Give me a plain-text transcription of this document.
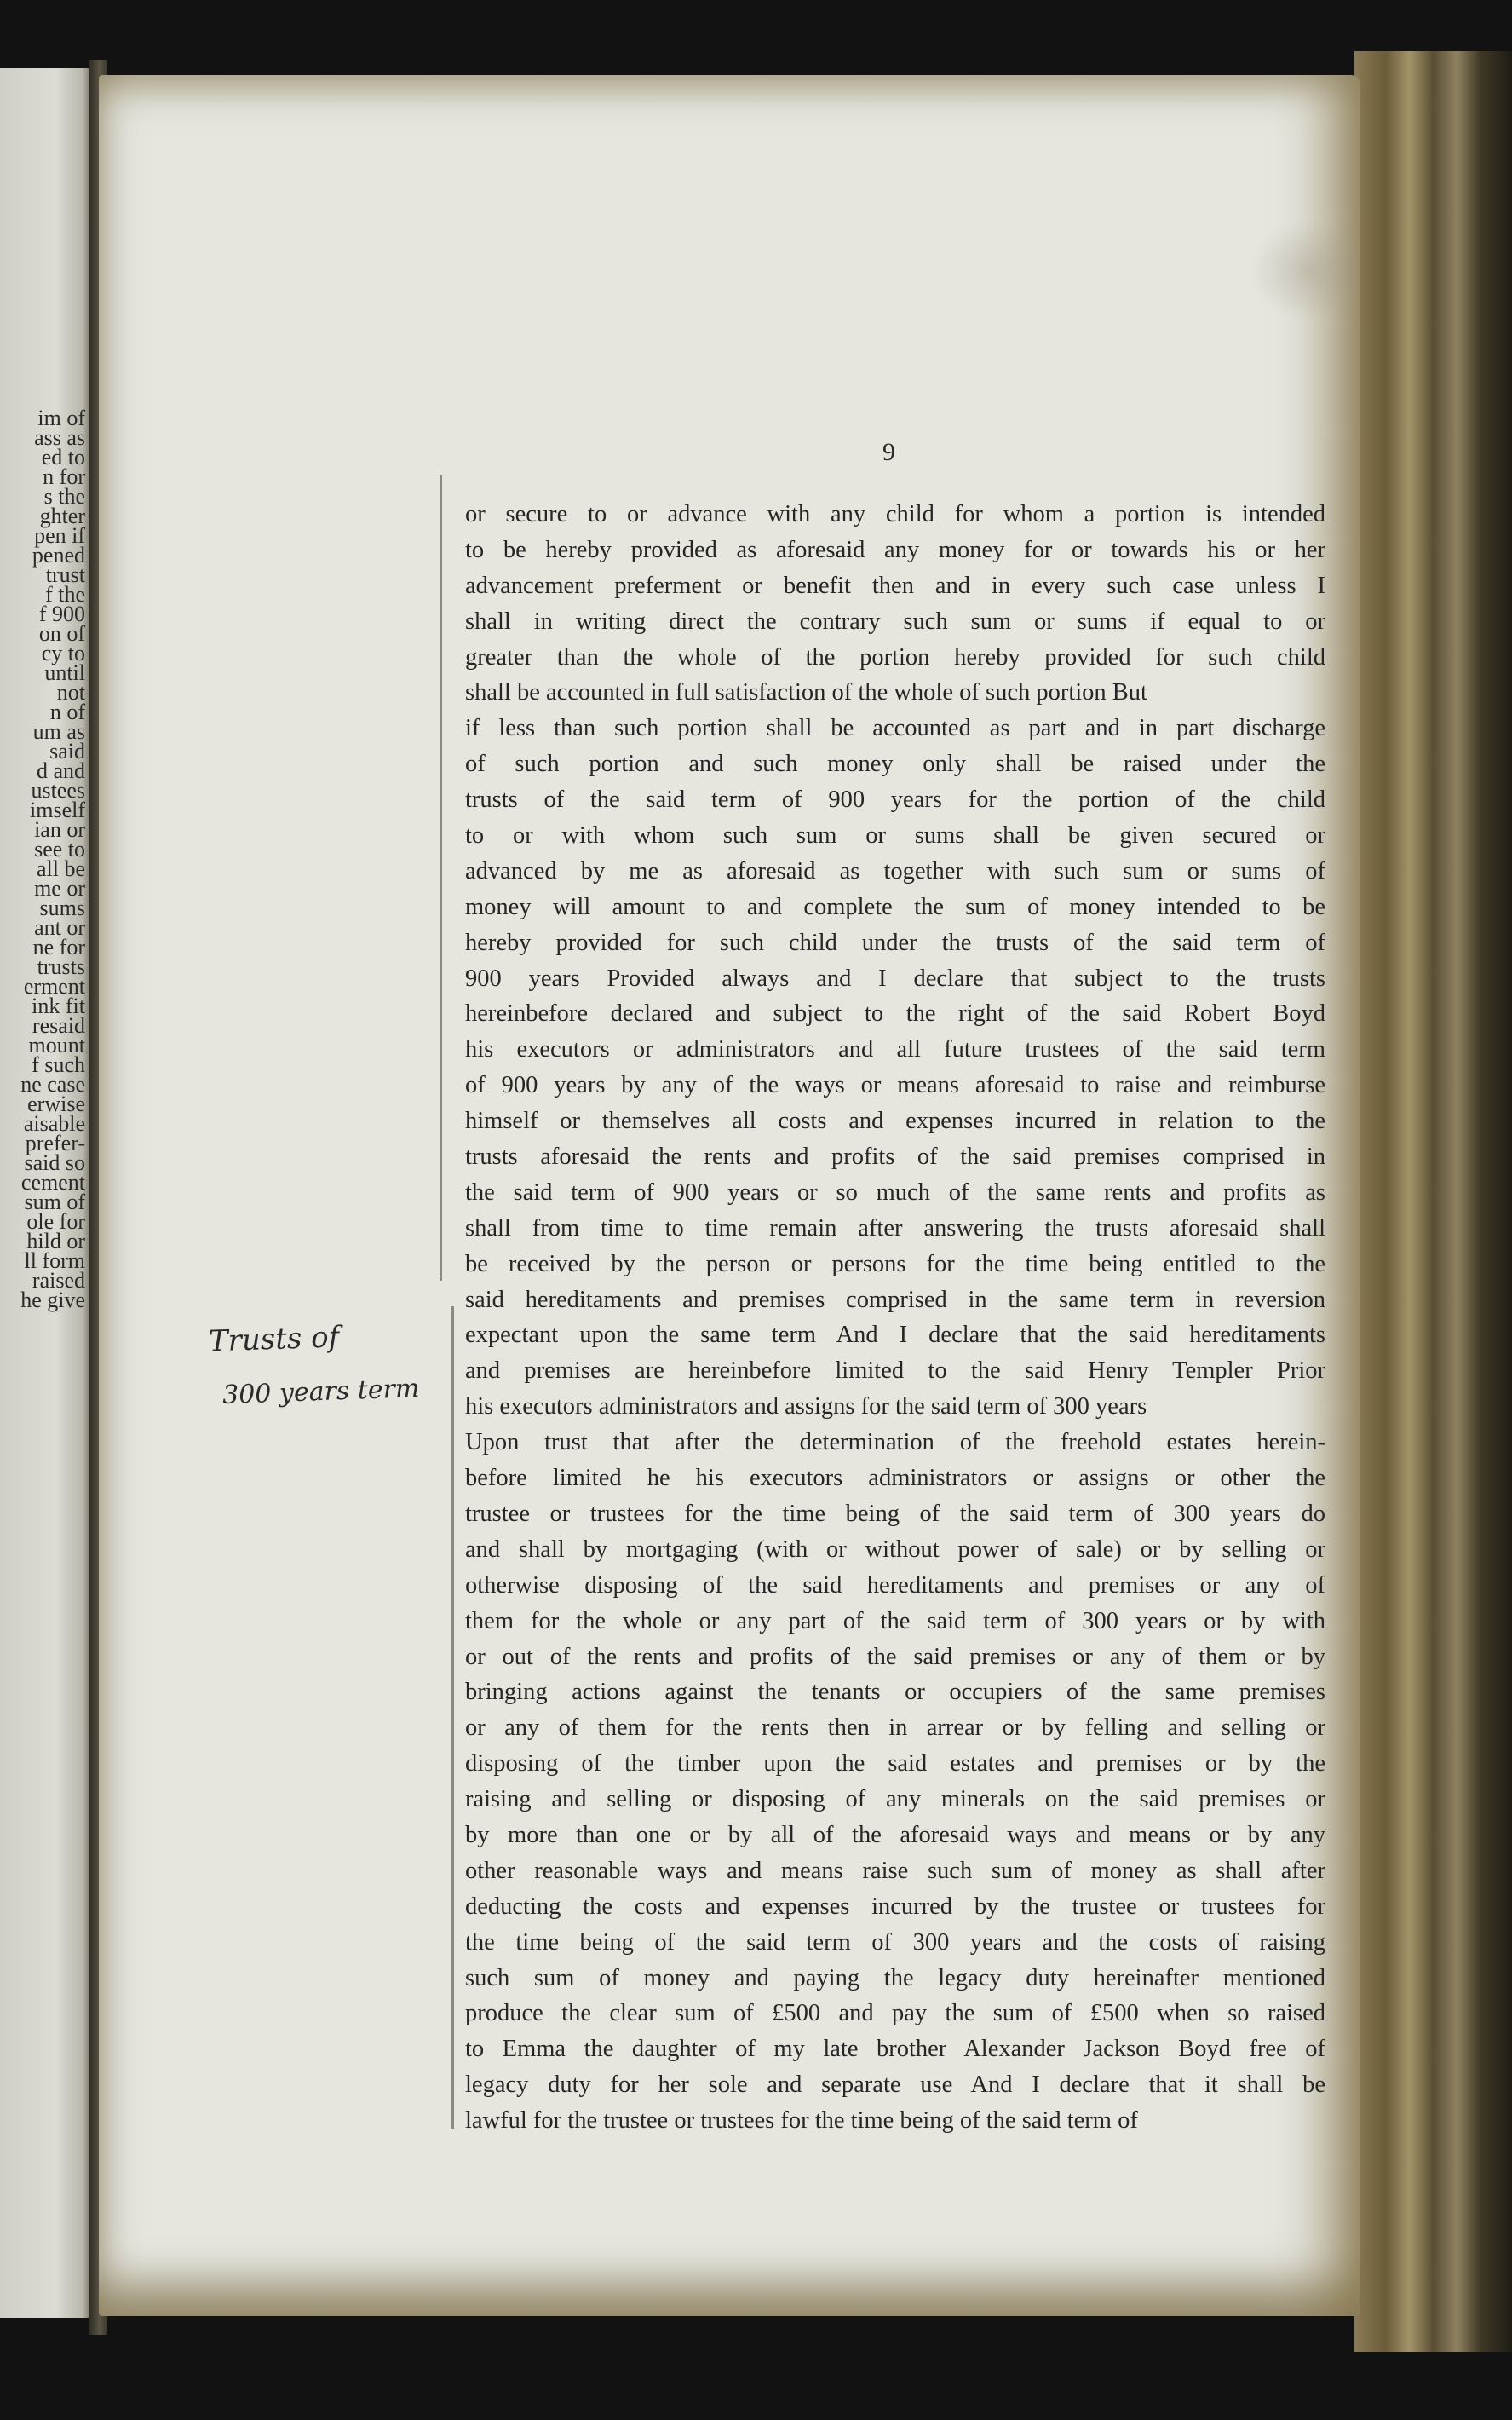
im of

ass as

ed to

n for

s the

ghter

pen if

pened

trust

f the

f 900

on of

cy to

until

not

n of

um as

said

d and

ustees

imself

ian or

see to

all be

me or

sums

ant or

ne for

trusts

erment

ink fit

resaid

mount

f such

ne case

erwise

aisable

prefer-

said so

cement

sum of

ole for

hild or

ll form

raised

he give

9

Trusts of

300 years term

or secure to or advance with any child for whom a portion is intended

to be hereby provided as aforesaid any money for or towards his or her

advancement preferment or benefit then and in every such case unless I

shall in writing direct the contrary such sum or sums if equal to or

greater than the whole of the portion hereby provided for such child

shall be accounted in full satisfaction of the whole of such portion But

if less than such portion shall be accounted as part and in part discharge

of such portion and such money only shall be raised under the

trusts of the said term of 900 years for the portion of the child

to or with whom such sum or sums shall be given secured or

advanced by me as aforesaid as together with such sum or sums of

money will amount to and complete the sum of money intended to be

hereby provided for such child under the trusts of the said term of

900 years Provided always and I declare that subject to the trusts

hereinbefore declared and subject to the right of the said Robert Boyd

his executors or administrators and all future trustees of the said term

of 900 years by any of the ways or means aforesaid to raise and reimburse

himself or themselves all costs and expenses incurred in relation to the

trusts aforesaid the rents and profits of the said premises comprised in

the said term of 900 years or so much of the same rents and profits as

shall from time to time remain after answering the trusts aforesaid shall

be received by the person or persons for the time being entitled to the

said hereditaments and premises comprised in the same term in reversion

expectant upon the same term And I declare that the said hereditaments

and premises are hereinbefore limited to the said Henry Templer Prior

his executors administrators and assigns for the said term of 300 years

Upon trust that after the determination of the freehold estates herein-

before limited he his executors administrators or assigns or other the

trustee or trustees for the time being of the said term of 300 years do

and shall by mortgaging (with or without power of sale) or by selling or

otherwise disposing of the said hereditaments and premises or any of

them for the whole or any part of the said term of 300 years or by with

or out of the rents and profits of the said premises or any of them or by

bringing actions against the tenants or occupiers of the same premises

or any of them for the rents then in arrear or by felling and selling or

disposing of the timber upon the said estates and premises or by the

raising and selling or disposing of any minerals on the said premises or

by more than one or by all of the aforesaid ways and means or by any

other reasonable ways and means raise such sum of money as shall after

deducting the costs and expenses incurred by the trustee or trustees for

the time being of the said term of 300 years and the costs of raising

such sum of money and paying the legacy duty hereinafter mentioned

produce the clear sum of £500 and pay the sum of £500 when so raised

to Emma the daughter of my late brother Alexander Jackson Boyd free of

legacy duty for her sole and separate use And I declare that it shall be

lawful for the trustee or trustees for the time being of the said term of
